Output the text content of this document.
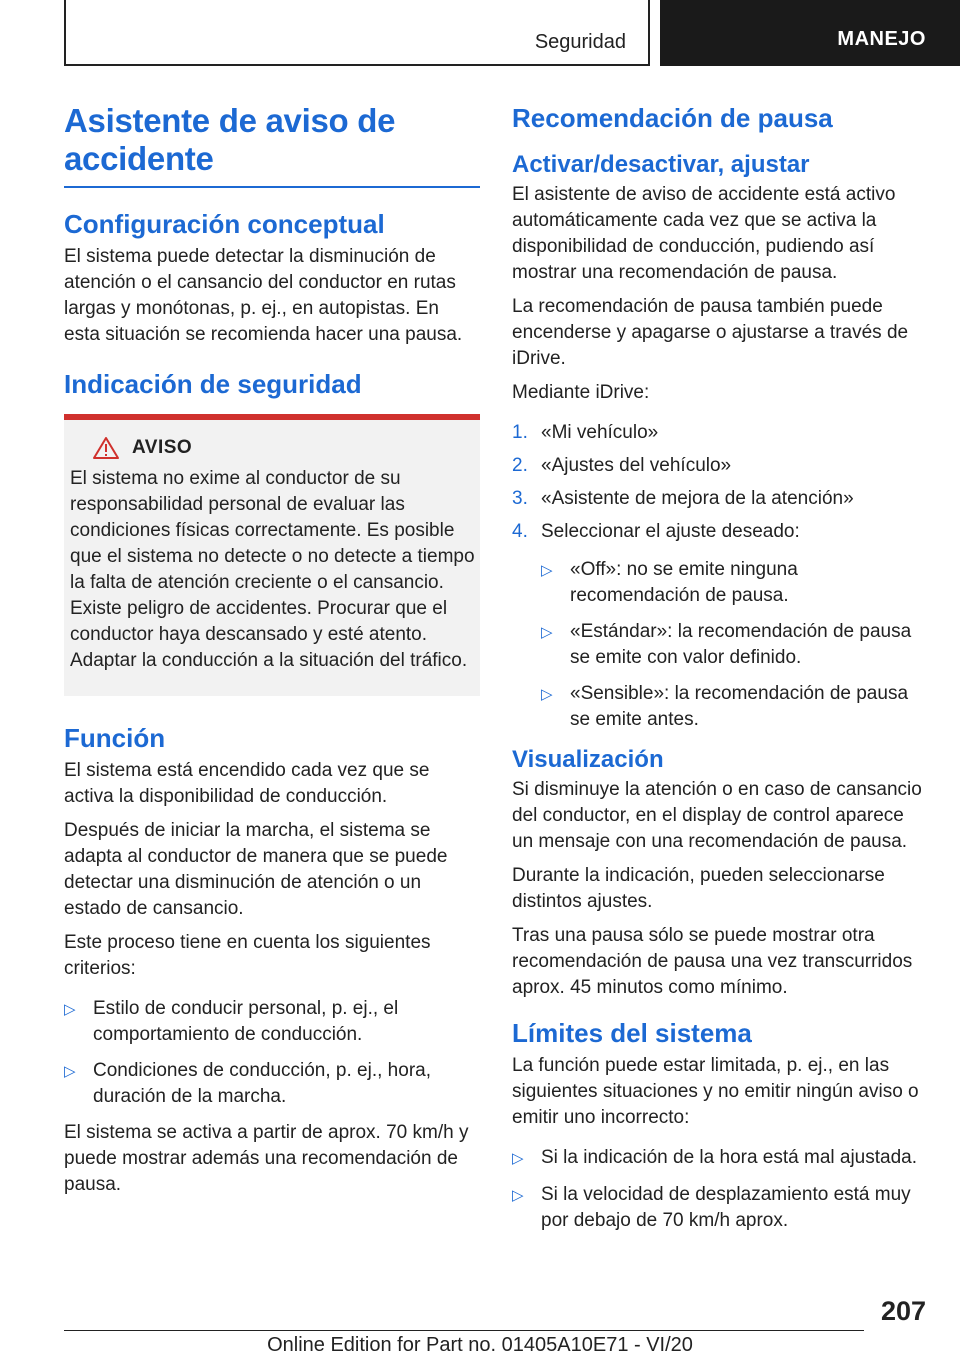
Seguridad	MANEJO
Asistente de aviso de accidente
Configuración conceptual

El sistema puede detectar la disminución de atención o el cansancio del conductor en rutas largas y monótonas, p. ej., en autopistas. En esta situación se recomienda hacer una pausa.

Indicación de seguridad
AVISO

El sistema no exime al conductor de su responsabilidad personal de evaluar las condiciones físicas correctamente. Es posible que el sistema no detecte o no detecte a tiempo la falta de atención creciente o el cansancio. Existe peligro de accidentes. Procurar que el conductor haya descansado y esté atento. Adaptar la conducción a la situación del tráfico.

Función

El sistema está encendido cada vez que se activa la disponibilidad de conducción.

Después de iniciar la marcha, el sistema se adapta al conductor de manera que se puede detectar una disminución de atención o un estado de cansancio.

Este proceso tiene en cuenta los siguientes criterios:

▷ Estilo de conducir personal, p. ej., el comportamiento de conducción.
▷ Condiciones de conducción, p. ej., hora, duración de la marcha.

El sistema se activa a partir de aprox. 70 km/h y puede mostrar además una recomendación de pausa.

Recomendación de pausa
Activar/desactivar, ajustar

El asistente de aviso de accidente está activo automáticamente cada vez que se activa la disponibilidad de conducción, pudiendo así mostrar una recomendación de pausa.

La recomendación de pausa también puede encenderse y apagarse o ajustarse a través de iDrive.

Mediante iDrive:

1. «Mi vehículo»
2. «Ajustes del vehículo»
3. «Asistente de mejora de la atención»
4. Seleccionar el ajuste deseado:
▷ «Off»: no se emite ninguna recomendación de pausa.
▷ «Estándar»: la recomendación de pausa se emite con valor definido.
▷ «Sensible»: la recomendación de pausa se emite antes.
Visualización

Si disminuye la atención o en caso de cansancio del conductor, en el display de control aparece un mensaje con una recomendación de pausa.

Durante la indicación, pueden seleccionarse distintos ajustes.

Tras una pausa sólo se puede mostrar otra recomendación de pausa una vez transcurridos aprox. 45 minutos como mínimo.

Límites del sistema

La función puede estar limitada, p. ej., en las siguientes situaciones y no emitir ningún aviso o emitir uno incorrecto:

▷ Si la indicación de la hora está mal ajustada.
▷ Si la velocidad de desplazamiento está muy por debajo de 70 km/h aprox.
207
Online Edition for Part no. 01405A10E71 - VI/20
